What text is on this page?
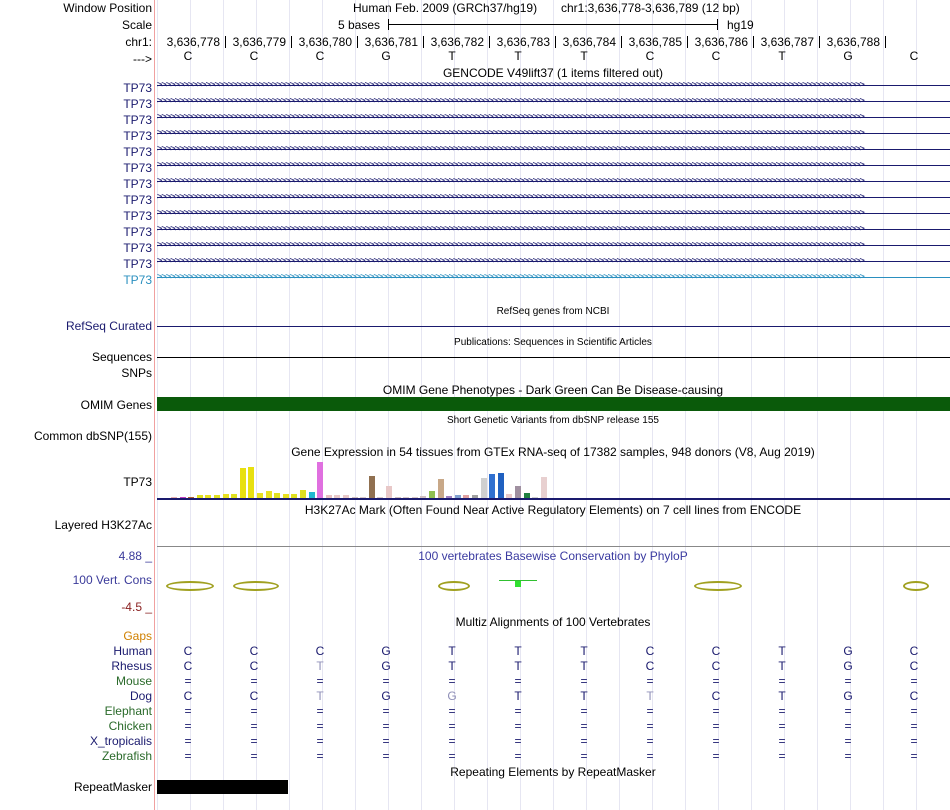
Window Position	Human Feb. 2009 (GRCh37/hg19) chr1:3,636,778-3,636,789 (12 bp)
Scale	5 bases	hg19
chr1:	3,636,778	3,636,779	3,636,780	3,636,781	3,636,782	3,636,783	3,636,784	3,636,785	3,636,786	3,636,787	3,636,788
--->	C	C	C	G	T	T	T	C	C	T	G	C
GENCODE V49lift37 (1 items filtered out)
TP73 >>>>>>>>>>>>>>>>>>>>>>>>>>>>>>>>>>>>>>>>>>>>>>>>>>>>>>>>>>>>>>>>>>>>>>>>>>>>>>>>>>>>>>>>>>>>>>>>>>>>>>>>>>>>>>>>>>>>>>>>>>>>>>>>>>>>>>>>>>>>>>>>>>>>>>>>>>>>>>>>
TP73 >>>>>>>>>>>>>>>>>>>>>>>>>>>>>>>>>>>>>>>>>>>>>>>>>>>>>>>>>>>>>>>>>>>>>>>>>>>>>>>>>>>>>>>>>>>>>>>>>>>>>>>>>>>>>>>>>>>>>>>>>>>>>>>>>>>>>>>>>>>>>>>>>>>>>>>>>>>>>>>>
TP73 >>>>>>>>>>>>>>>>>>>>>>>>>>>>>>>>>>>>>>>>>>>>>>>>>>>>>>>>>>>>>>>>>>>>>>>>>>>>>>>>>>>>>>>>>>>>>>>>>>>>>>>>>>>>>>>>>>>>>>>>>>>>>>>>>>>>>>>>>>>>>>>>>>>>>>>>>>>>>>>>
TP73 >>>>>>>>>>>>>>>>>>>>>>>>>>>>>>>>>>>>>>>>>>>>>>>>>>>>>>>>>>>>>>>>>>>>>>>>>>>>>>>>>>>>>>>>>>>>>>>>>>>>>>>>>>>>>>>>>>>>>>>>>>>>>>>>>>>>>>>>>>>>>>>>>>>>>>>>>>>>>>>>
TP73 >>>>>>>>>>>>>>>>>>>>>>>>>>>>>>>>>>>>>>>>>>>>>>>>>>>>>>>>>>>>>>>>>>>>>>>>>>>>>>>>>>>>>>>>>>>>>>>>>>>>>>>>>>>>>>>>>>>>>>>>>>>>>>>>>>>>>>>>>>>>>>>>>>>>>>>>>>>>>>>>
TP73 >>>>>>>>>>>>>>>>>>>>>>>>>>>>>>>>>>>>>>>>>>>>>>>>>>>>>>>>>>>>>>>>>>>>>>>>>>>>>>>>>>>>>>>>>>>>>>>>>>>>>>>>>>>>>>>>>>>>>>>>>>>>>>>>>>>>>>>>>>>>>>>>>>>>>>>>>>>>>>>>
TP73 >>>>>>>>>>>>>>>>>>>>>>>>>>>>>>>>>>>>>>>>>>>>>>>>>>>>>>>>>>>>>>>>>>>>>>>>>>>>>>>>>>>>>>>>>>>>>>>>>>>>>>>>>>>>>>>>>>>>>>>>>>>>>>>>>>>>>>>>>>>>>>>>>>>>>>>>>>>>>>>>
TP73 >>>>>>>>>>>>>>>>>>>>>>>>>>>>>>>>>>>>>>>>>>>>>>>>>>>>>>>>>>>>>>>>>>>>>>>>>>>>>>>>>>>>>>>>>>>>>>>>>>>>>>>>>>>>>>>>>>>>>>>>>>>>>>>>>>>>>>>>>>>>>>>>>>>>>>>>>>>>>>>>
TP73 >>>>>>>>>>>>>>>>>>>>>>>>>>>>>>>>>>>>>>>>>>>>>>>>>>>>>>>>>>>>>>>>>>>>>>>>>>>>>>>>>>>>>>>>>>>>>>>>>>>>>>>>>>>>>>>>>>>>>>>>>>>>>>>>>>>>>>>>>>>>>>>>>>>>>>>>>>>>>>>>
TP73 >>>>>>>>>>>>>>>>>>>>>>>>>>>>>>>>>>>>>>>>>>>>>>>>>>>>>>>>>>>>>>>>>>>>>>>>>>>>>>>>>>>>>>>>>>>>>>>>>>>>>>>>>>>>>>>>>>>>>>>>>>>>>>>>>>>>>>>>>>>>>>>>>>>>>>>>>>>>>>>>
TP73 >>>>>>>>>>>>>>>>>>>>>>>>>>>>>>>>>>>>>>>>>>>>>>>>>>>>>>>>>>>>>>>>>>>>>>>>>>>>>>>>>>>>>>>>>>>>>>>>>>>>>>>>>>>>>>>>>>>>>>>>>>>>>>>>>>>>>>>>>>>>>>>>>>>>>>>>>>>>>>>>
TP73 >>>>>>>>>>>>>>>>>>>>>>>>>>>>>>>>>>>>>>>>>>>>>>>>>>>>>>>>>>>>>>>>>>>>>>>>>>>>>>>>>>>>>>>>>>>>>>>>>>>>>>>>>>>>>>>>>>>>>>>>>>>>>>>>>>>>>>>>>>>>>>>>>>>>>>>>>>>>>>>>
TP73 >>>>>>>>>>>>>>>>>>>>>>>>>>>>>>>>>>>>>>>>>>>>>>>>>>>>>>>>>>>>>>>>>>>>>>>>>>>>>>>>>>>>>>>>>>>>>>>>>>>>>>>>>>>>>>>>>>>>>>>>>>>>>>>>>>>>>>>>>>>>>>>>>>>>>>>>>>>>>>>>
RefSeq genes from NCBI
RefSeq Curated
Publications: Sequences in Scientific Articles
Sequences
SNPs
OMIM Gene Phenotypes - Dark Green Can Be Disease-causing
OMIM Genes
Short Genetic Variants from dbSNP release 155
Common dbSNP(155)
Gene Expression in 54 tissues from GTEx RNA-seq of 17382 samples, 948 donors (V8, Aug 2019)
TP73
H3K27Ac Mark (Often Found Near Active Regulatory Elements) on 7 cell lines from ENCODE
Layered H3K27Ac
4.88 _	100 vertebrates Basewise Conservation by PhyloP
100 Vert. Cons
-4.5 _
Multiz Alignments of 100 Vertebrates
Gaps
Human	C	C	C	G	T	T	T	C	C	T	G	C
Rhesus	C	C	T	G	T	T	T	C	C	T	G	C
Mouse	=	=	=	=	=	=	=	=	=	=	=	=
Dog	C	C	T	G	G	T	T	T	C	T	G	C
Elephant	=	=	=	=	=	=	=	=	=	=	=	=
Chicken	=	=	=	=	=	=	=	=	=	=	=	=
X_tropicalis	=	=	=	=	=	=	=	=	=	=	=	=
Zebrafish	=	=	=	=	=	=	=	=	=	=	=	=
Repeating Elements by RepeatMasker
RepeatMasker
